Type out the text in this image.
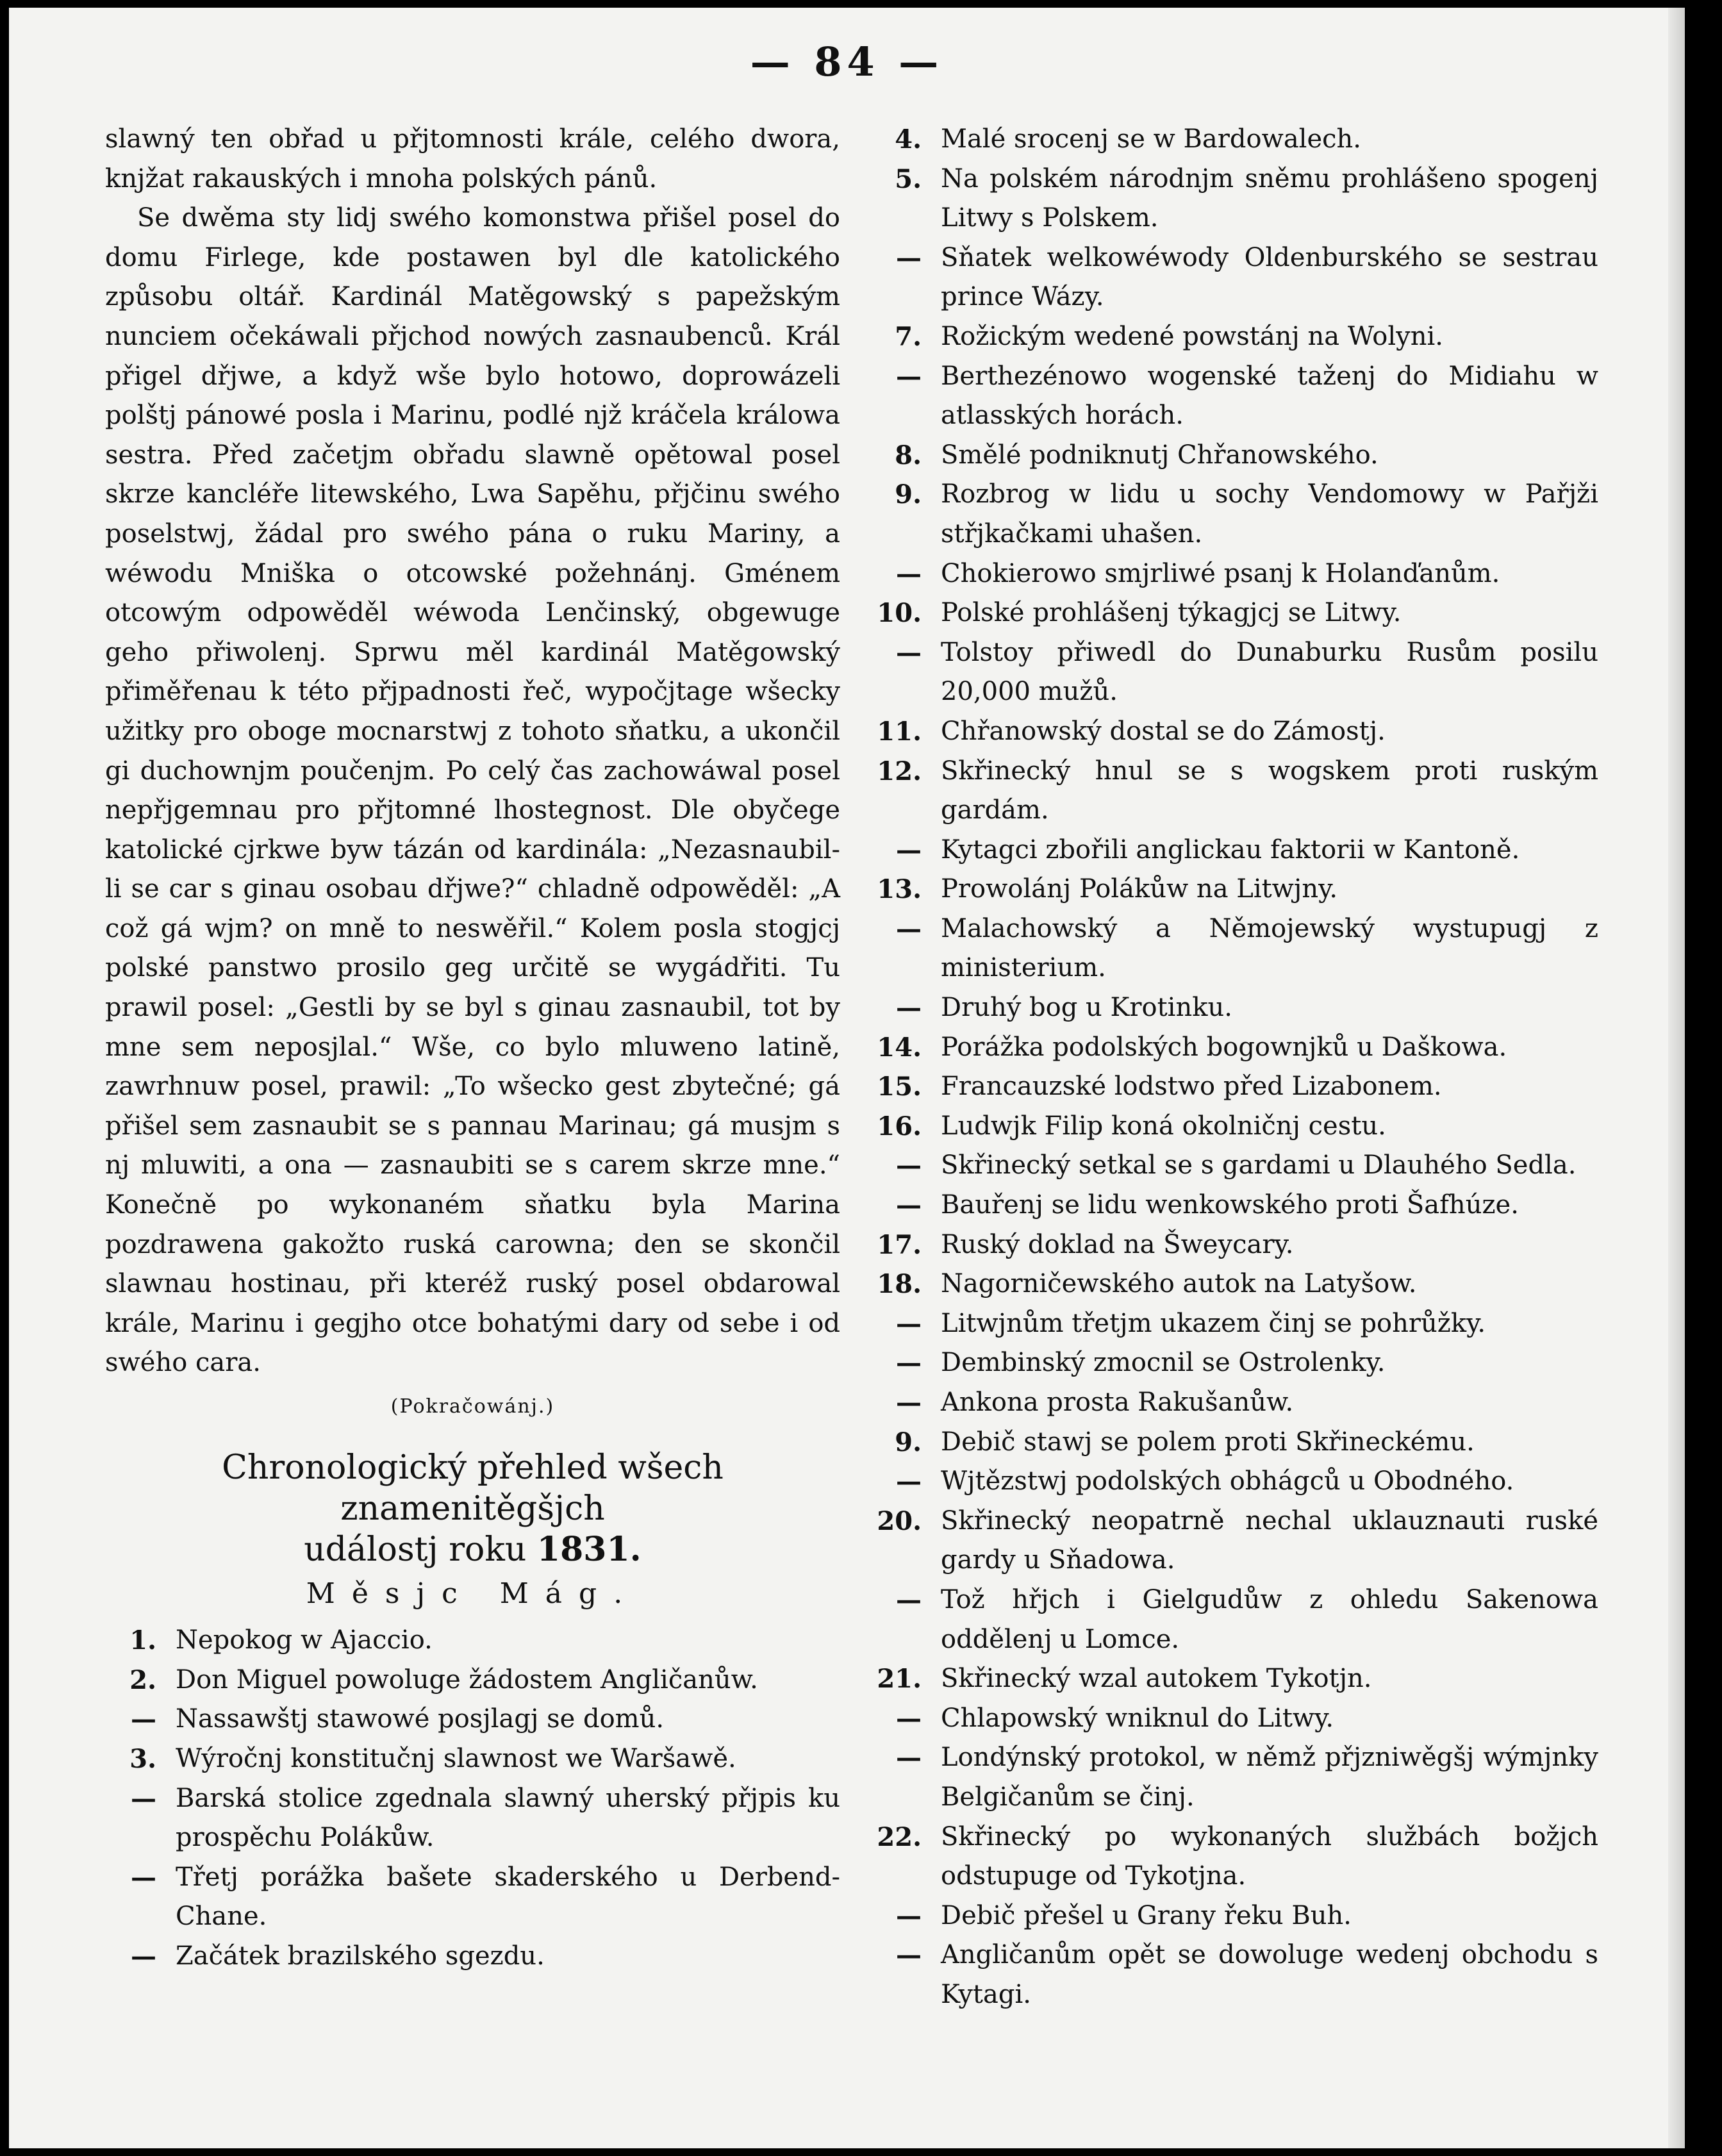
— 84 —

slawný ten obřad u přjtomnosti krále, celého dwora, knjžat rakauských i mnoha polských pánů.

Se dwěma sty lidj swého komonstwa přišel posel do domu Firlege, kde postawen byl dle katolického způsobu oltář. Kardinál Matěgowský s papežským nunciem očekáwali přjchod nowých zasnaubenců. Král přigel dřjwe, a když wše bylo hotowo, doprowázeli polštj pánowé posla i Marinu, podlé njž kráčela králowa sestra. Před začetjm obřadu slawně opětowal posel skrze kancléře litewského, Lwa Sapěhu, přjčinu swého poselstwj, žádal pro swého pána o ruku Mariny, a wéwodu Mniška o otcowské požehnánj. Gménem otcowým odpowěděl wéwoda Lenčinský, obgewuge geho přiwolenj. Sprwu měl kardinál Matěgowský přiměřenau k této přjpadnosti řeč, wypočjtage wšecky užitky pro oboge mocnarstwj z tohoto sňatku, a ukončil gi duchownjm poučenjm. Po celý čas zachowáwal posel nepřjgemnau pro přjtomné lhostegnost. Dle obyčege katolické cjrkwe byw tázán od kardinála: „Nezasnaubil-li se car s ginau osobau dřjwe?“ chladně odpowěděl: „A což gá wjm? on mně to neswěřil.“ Kolem posla stogjcj polské panstwo prosilo geg určitě se wygádřiti. Tu prawil posel: „Gestli by se byl s ginau zasnaubil, tot by mne sem neposjlal.“ Wše, co bylo mluweno latině, zawrhnuw posel, prawil: „To wšecko gest zbytečné; gá přišel sem zasnaubit se s pannau Marinau; gá musjm s nj mluwiti, a ona — zasnaubiti se s carem skrze mne.“ Konečně po wykonaném sňatku byla Marina pozdrawena gakožto ruská carowna; den se skončil slawnau hostinau, při kteréž ruský posel obdarowal krále, Marinu i gegjho otce bohatými dary od sebe i od swého cara.

(Pokračowánj.)
Chronologický přehled wšech znamenitěgšjch
událostj roku 1831.
Měsjc Mág.
1. Nepokog w Ajaccio.
2. Don Miguel powoluge žádostem Angličanůw.
— Nassawštj stawowé posjlagj se domů.
3. Wýročnj konstitučnj slawnost we Waršawě.
— Barská stolice zgednala slawný uherský přjpis ku prospěchu Polákůw.
— Třetj porážka bašete skaderského u Derbend-Chane.
— Začátek brazilského sgezdu.
4. Malé srocenj se w Bardowalech.
5. Na polském národnjm sněmu prohlášeno spogenj Litwy s Polskem.
— Sňatek welkowéwody Oldenburského se sestrau prince Wázy.
7. Rožickým wedené powstánj na Wolyni.
— Berthezénowo wogenské taženj do Midiahu w atlasských horách.
8. Smělé podniknutj Chřanowského.
9. Rozbrog w lidu u sochy Vendomowy w Pařjži střjkačkami uhašen.
— Chokierowo smjrliwé psanj k Holanďanům.
10. Polské prohlášenj týkagjcj se Litwy.
— Tolstoy přiwedl do Dunaburku Rusům posilu 20,000 mužů.
11. Chřanowský dostal se do Zámostj.
12. Skřinecký hnul se s wogskem proti ruským gardám.
— Kytagci zbořili anglickau faktorii w Kantoně.
13. Prowolánj Polákůw na Litwjny.
— Malachowský a Němojewský wystupugj z ministerium.
— Druhý bog u Krotinku.
14. Porážka podolských bogownjků u Daškowa.
15. Francauzské lodstwo před Lizabonem.
16. Ludwjk Filip koná okolničnj cestu.
— Skřinecký setkal se s gardami u Dlauhého Sedla.
— Bauřenj se lidu wenkowského proti Šafhúze.
17. Ruský doklad na Šweycary.
18. Nagorničewského autok na Latyšow.
— Litwjnům třetjm ukazem činj se pohrůžky.
— Dembinský zmocnil se Ostrolenky.
— Ankona prosta Rakušanůw.
9. Debič stawj se polem proti Skřineckému.
— Wjtězstwj podolských obhágců u Obodného.
20. Skřinecký neopatrně nechal uklauznauti ruské gardy u Sňadowa.
— Tož hřjch i Gielgudůw z ohledu Sakenowa oddělenj u Lomce.
21. Skřinecký wzal autokem Tykotjn.
— Chlapowský wniknul do Litwy.
— Londýnský protokol, w němž přjzniwěgšj wýmjnky Belgičanům se činj.
22. Skřinecký po wykonaných službách božjch odstupuge od Tykotjna.
— Debič přešel u Grany řeku Buh.
— Angličanům opět se dowoluge wedenj obchodu s Kytagi.
